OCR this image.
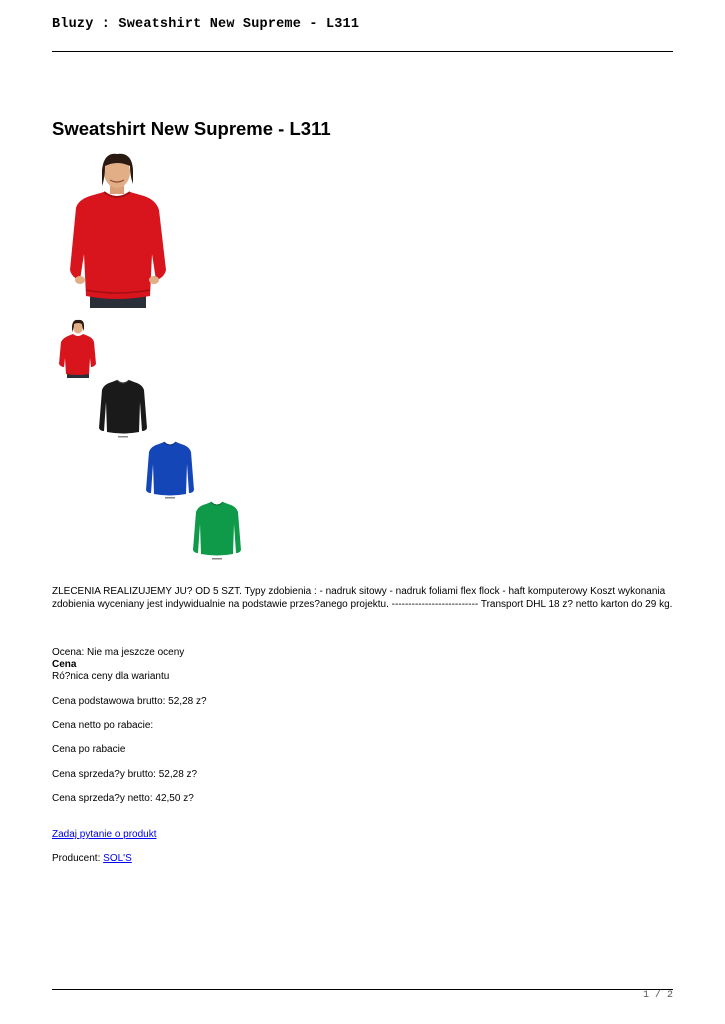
Bluzy : Sweatshirt New Supreme - L311
Sweatshirt New Supreme - L311
ZLECENIA REALIZUJEMY JU? OD 5 SZT. Typy zdobienia : - nadruk sitowy - nadruk foliami flex flock - haft komputerowy Koszt wykonania zdobienia wyceniany jest indywidualnie na podstawie przes?anego projektu. -------------------------- Transport DHL 18 z? netto karton do 29 kg.
Ocena: Nie ma jeszcze oceny
Cena
Ró?nica ceny dla wariantu
Cena podstawowa brutto: 52,28 z?
Cena netto po rabacie:
Cena po rabacie
Cena sprzeda?y brutto: 52,28 z?
Cena sprzeda?y netto: 42,50 z?
Zadaj pytanie o produkt
Producent: SOL'S
1 / 2
